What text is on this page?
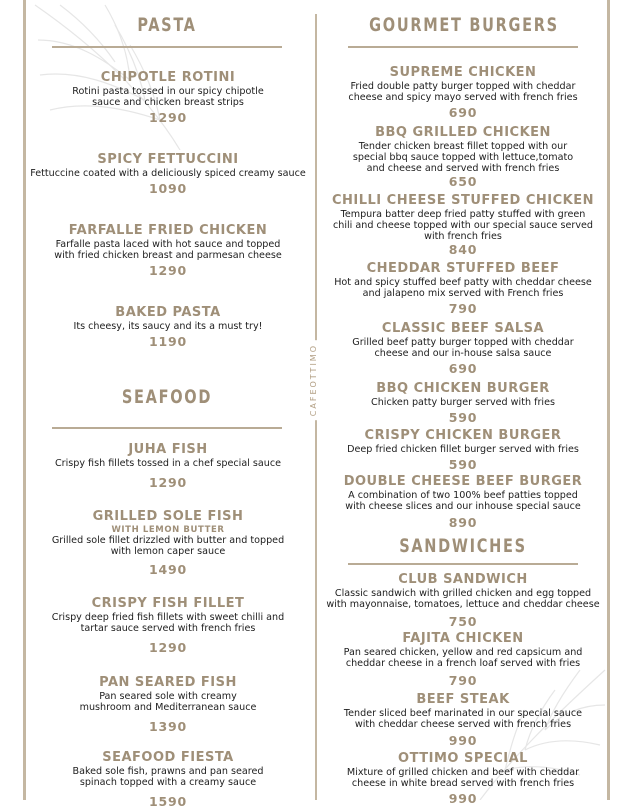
CAFEOTTIMO
PASTA
CHIPOTLE ROTINI
Rotini pasta tossed in our spicy chipotle sauce and chicken breast strips
1290
SPICY FETTUCCINI
Fettuccine coated with a deliciously spiced creamy sauce
1090
FARFALLE FRIED CHICKEN
Farfalle pasta laced with hot sauce and topped with fried chicken breast and parmesan cheese
1290
BAKED PASTA
Its cheesy, its saucy and its a must try!
1190
SEAFOOD
JUHA FISH
Crispy fish fillets tossed in a chef special sauce
1290
GRILLED SOLE FISH
WITH LEMON BUTTER
Grilled sole fillet drizzled with butter and topped with lemon caper sauce
1490
CRISPY FISH FILLET
Crispy deep fried fish fillets with sweet chilli and tartar sauce served with french fries
1290
PAN SEARED FISH
Pan seared sole with creamy mushroom and Mediterranean sauce
1390
SEAFOOD FIESTA
Baked sole fish, prawns and pan seared spinach topped with a creamy sauce
1590
GOURMET BURGERS
SUPREME CHICKEN
Fried double patty burger topped with cheddar cheese and spicy mayo served with french fries
690
BBQ GRILLED CHICKEN
Tender chicken breast fillet topped with our special bbq sauce topped with lettuce,tomato and cheese and served with french fries
650
CHILLI CHEESE STUFFED CHICKEN
Tempura batter deep fried patty stuffed with green chili and cheese topped with our special sauce served with french fries
840
CHEDDAR STUFFED BEEF
Hot and spicy stuffed beef patty with cheddar cheese and jalapeno mix served with French fries
790
CLASSIC BEEF SALSA
Grilled beef patty burger topped with cheddar cheese and our in-house salsa sauce
690
BBQ CHICKEN BURGER
Chicken patty burger served with fries
590
CRISPY CHICKEN BURGER
Deep fried chicken fillet burger served with fries
590
DOUBLE CHEESE BEEF BURGER
A combination of two 100% beef patties topped with cheese slices and our inhouse special sauce
890
SANDWICHES
CLUB SANDWICH
Classic sandwich with grilled chicken and egg topped with mayonnaise, tomatoes, lettuce and cheddar cheese
750
FAJITA CHICKEN
Pan seared chicken, yellow and red capsicum and cheddar cheese in a french loaf served with fries
790
BEEF STEAK
Tender sliced beef marinated in our special sauce with cheddar cheese served with french fries
990
OTTIMO SPECIAL
Mixture of grilled chicken and beef with cheddar cheese in white bread served with french fries
990
